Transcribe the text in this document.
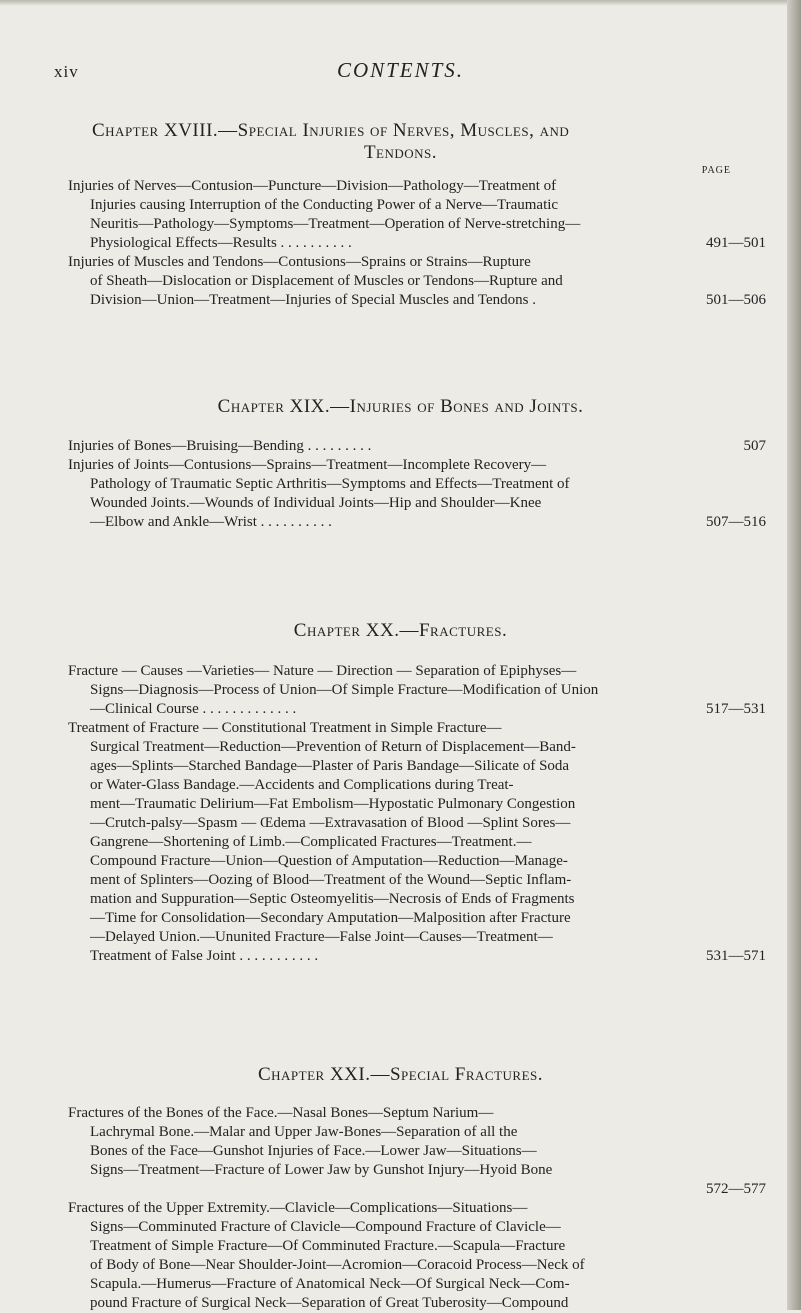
xiv	CONTENTS.
Chapter XVIII.—Special Injuries of Nerves, Muscles, and
Tendons.
PAGE
Injuries of Nerves—Contusion—Puncture—Division—Pathology—Treatment of
Injuries causing Interruption of the Conducting Power of a Nerve—Traumatic
Neuritis—Pathology—Symptoms—Treatment—Operation of Nerve-stretching—
Physiological Effects—Results . . . . . . . . . .	491—501
Injuries of Muscles and Tendons—Contusions—Sprains or Strains—Rupture
of Sheath—Dislocation or Displacement of Muscles or Tendons—Rupture and
Division—Union—Treatment—Injuries of Special Muscles and Tendons .	501—506
Chapter XIX.—Injuries of Bones and Joints.
Injuries of Bones—Bruising—Bending . . . . . . . . .	507
Injuries of Joints—Contusions—Sprains—Treatment—Incomplete Recovery—
Pathology of Traumatic Septic Arthritis—Symptoms and Effects—Treatment of
Wounded Joints.—Wounds of Individual Joints—Hip and Shoulder—Knee
—Elbow and Ankle—Wrist . . . . . . . . . .	507—516
Chapter XX.—Fractures.
Fracture — Causes —Varieties— Nature — Direction — Separation of Epiphyses—
Signs—Diagnosis—Process of Union—Of Simple Fracture—Modification of Union
—Clinical Course . . . . . . . . . . . . .	517—531
Treatment of Fracture — Constitutional Treatment in Simple Fracture—
Surgical Treatment—Reduction—Prevention of Return of Displacement—Band-
ages—Splints—Starched Bandage—Plaster of Paris Bandage—Silicate of Soda
or Water-Glass Bandage.—Accidents and Complications during Treat-
ment—Traumatic Delirium—Fat Embolism—Hypostatic Pulmonary Congestion
—Crutch-palsy—Spasm — Œdema —Extravasation of Blood —Splint Sores—
Gangrene—Shortening of Limb.—Complicated Fractures—Treatment.—
Compound Fracture—Union—Question of Amputation—Reduction—Manage-
ment of Splinters—Oozing of Blood—Treatment of the Wound—Septic Inflam-
mation and Suppuration—Septic Osteomyelitis—Necrosis of Ends of Fragments
—Time for Consolidation—Secondary Amputation—Malposition after Fracture
—Delayed Union.—Ununited Fracture—False Joint—Causes—Treatment—
Treatment of False Joint . . . . . . . . . . .	531—571
Chapter XXI.—Special Fractures.
Fractures of the Bones of the Face.—Nasal Bones—Septum Narium—
Lachrymal Bone.—Malar and Upper Jaw-Bones—Separation of all the
Bones of the Face—Gunshot Injuries of Face.—Lower Jaw—Situations—
Signs—Treatment—Fracture of Lower Jaw by Gunshot Injury—Hyoid Bone
572—577
Fractures of the Upper Extremity.—Clavicle—Complications—Situations—
Signs—Comminuted Fracture of Clavicle—Compound Fracture of Clavicle—
Treatment of Simple Fracture—Of Comminuted Fracture.—Scapula—Fracture
of Body of Bone—Near Shoulder-Joint—Acromion—Coracoid Process—Neck of
Scapula.—Humerus—Fracture of Anatomical Neck—Of Surgical Neck—Com-
pound Fracture of Surgical Neck—Separation of Great Tuberosity—Compound
